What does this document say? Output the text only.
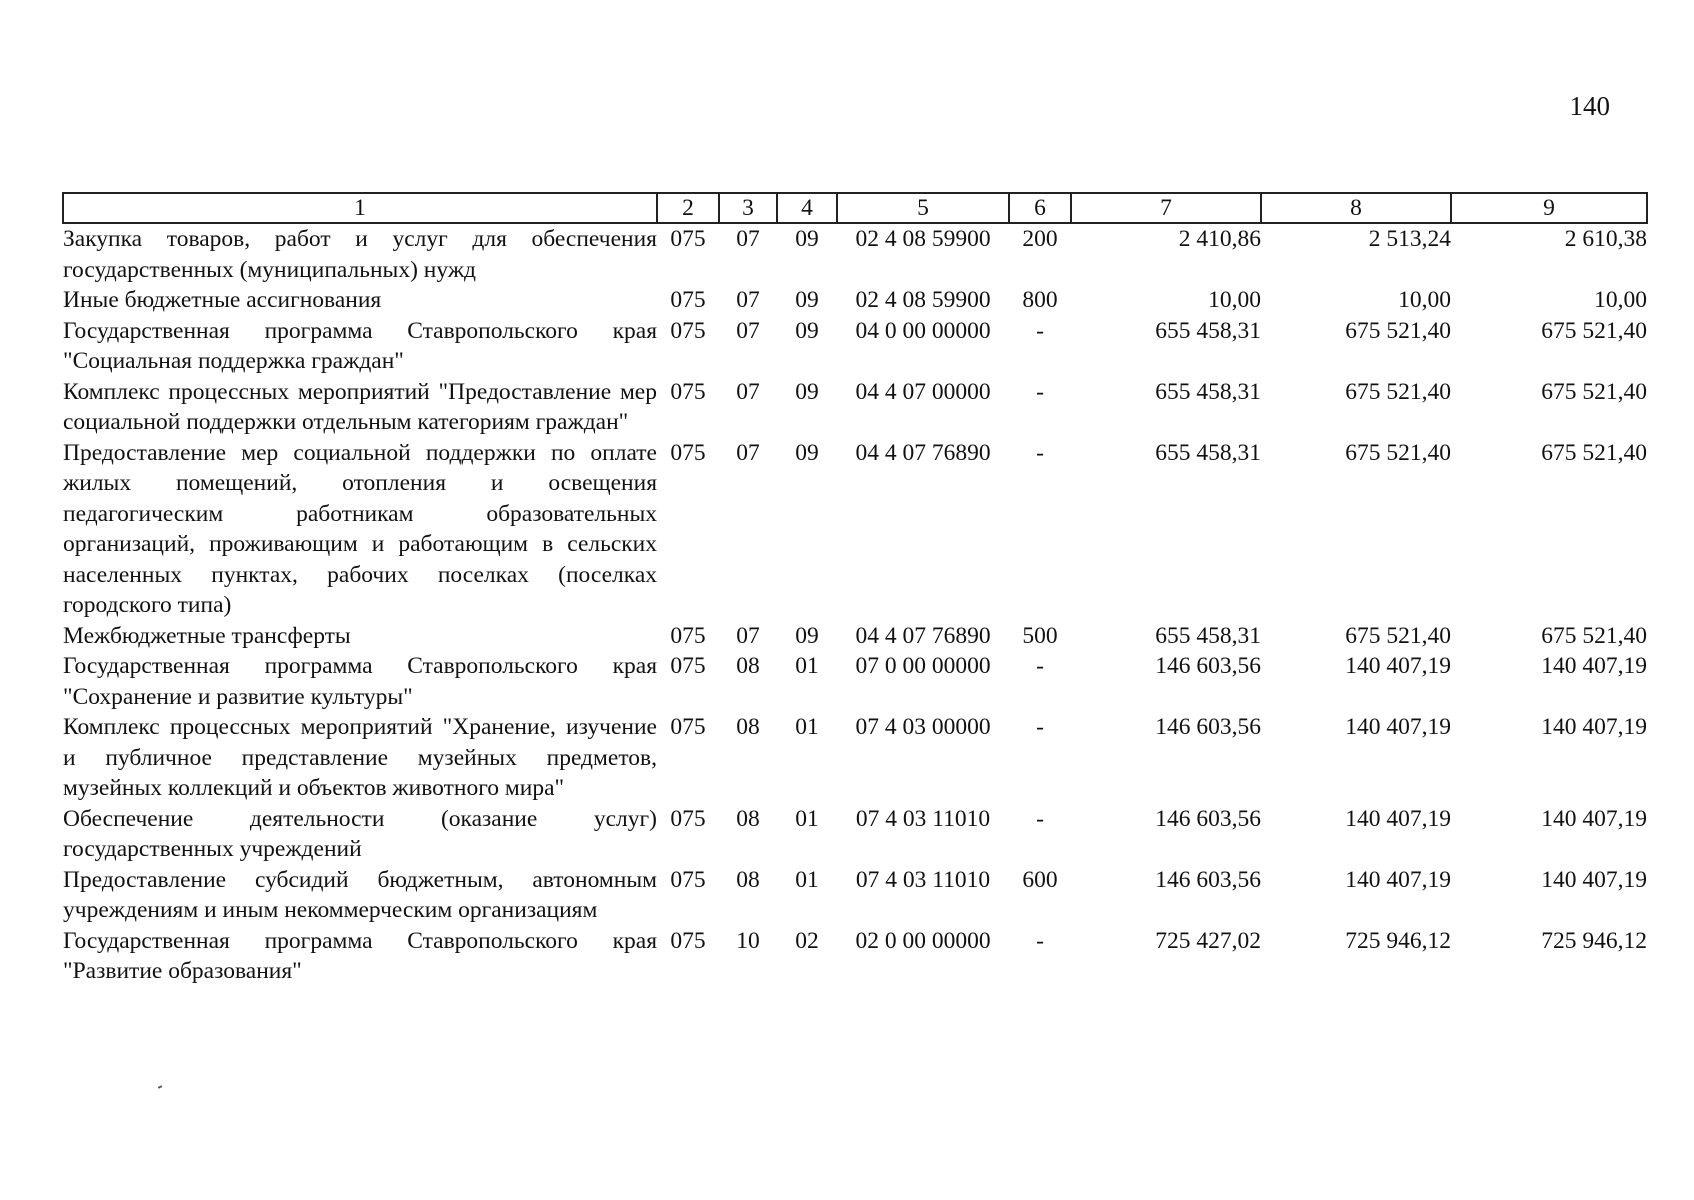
140
1	2	3	4	5	6	7	8	9
Закупка товаров, работ и услуг для обеспечения государственных (муниципальных) нужд	075	07	09	02 4 08 59900	200	2 410,86	2 513,24	2 610,38
Иные бюджетные ассигнования	075	07	09	02 4 08 59900	800	10,00	10,00	10,00
Государственная программа Ставропольского края "Социальная поддержка граждан"	075	07	09	04 0 00 00000	-	655 458,31	675 521,40	675 521,40
Комплекс процессных мероприятий "Предоставление мер социальной поддержки отдельным категориям граждан"	075	07	09	04 4 07 00000	-	655 458,31	675 521,40	675 521,40
Предоставление мер социальной поддержки по оплате жилых помещений, отопления и освещения педагогическим работникам образовательных организаций, проживающим и работающим в сельских населенных пунктах, рабочих поселках (поселках городского типа)	075	07	09	04 4 07 76890	-	655 458,31	675 521,40	675 521,40
Межбюджетные трансферты	075	07	09	04 4 07 76890	500	655 458,31	675 521,40	675 521,40
Государственная программа Ставропольского края "Сохранение и развитие культуры"	075	08	01	07 0 00 00000	-	146 603,56	140 407,19	140 407,19
Комплекс процессных мероприятий "Хранение, изучение и публичное представление музейных предметов, музейных коллекций и объектов животного мира"	075	08	01	07 4 03 00000	-	146 603,56	140 407,19	140 407,19
Обеспечение деятельности (оказание услуг) государственных учреждений	075	08	01	07 4 03 11010	-	146 603,56	140 407,19	140 407,19
Предоставление субсидий бюджетным, автономным учреждениям и иным некоммерческим организациям	075	08	01	07 4 03 11010	600	146 603,56	140 407,19	140 407,19
Государственная программа Ставропольского края "Развитие образования"	075	10	02	02 0 00 00000	-	725 427,02	725 946,12	725 946,12
